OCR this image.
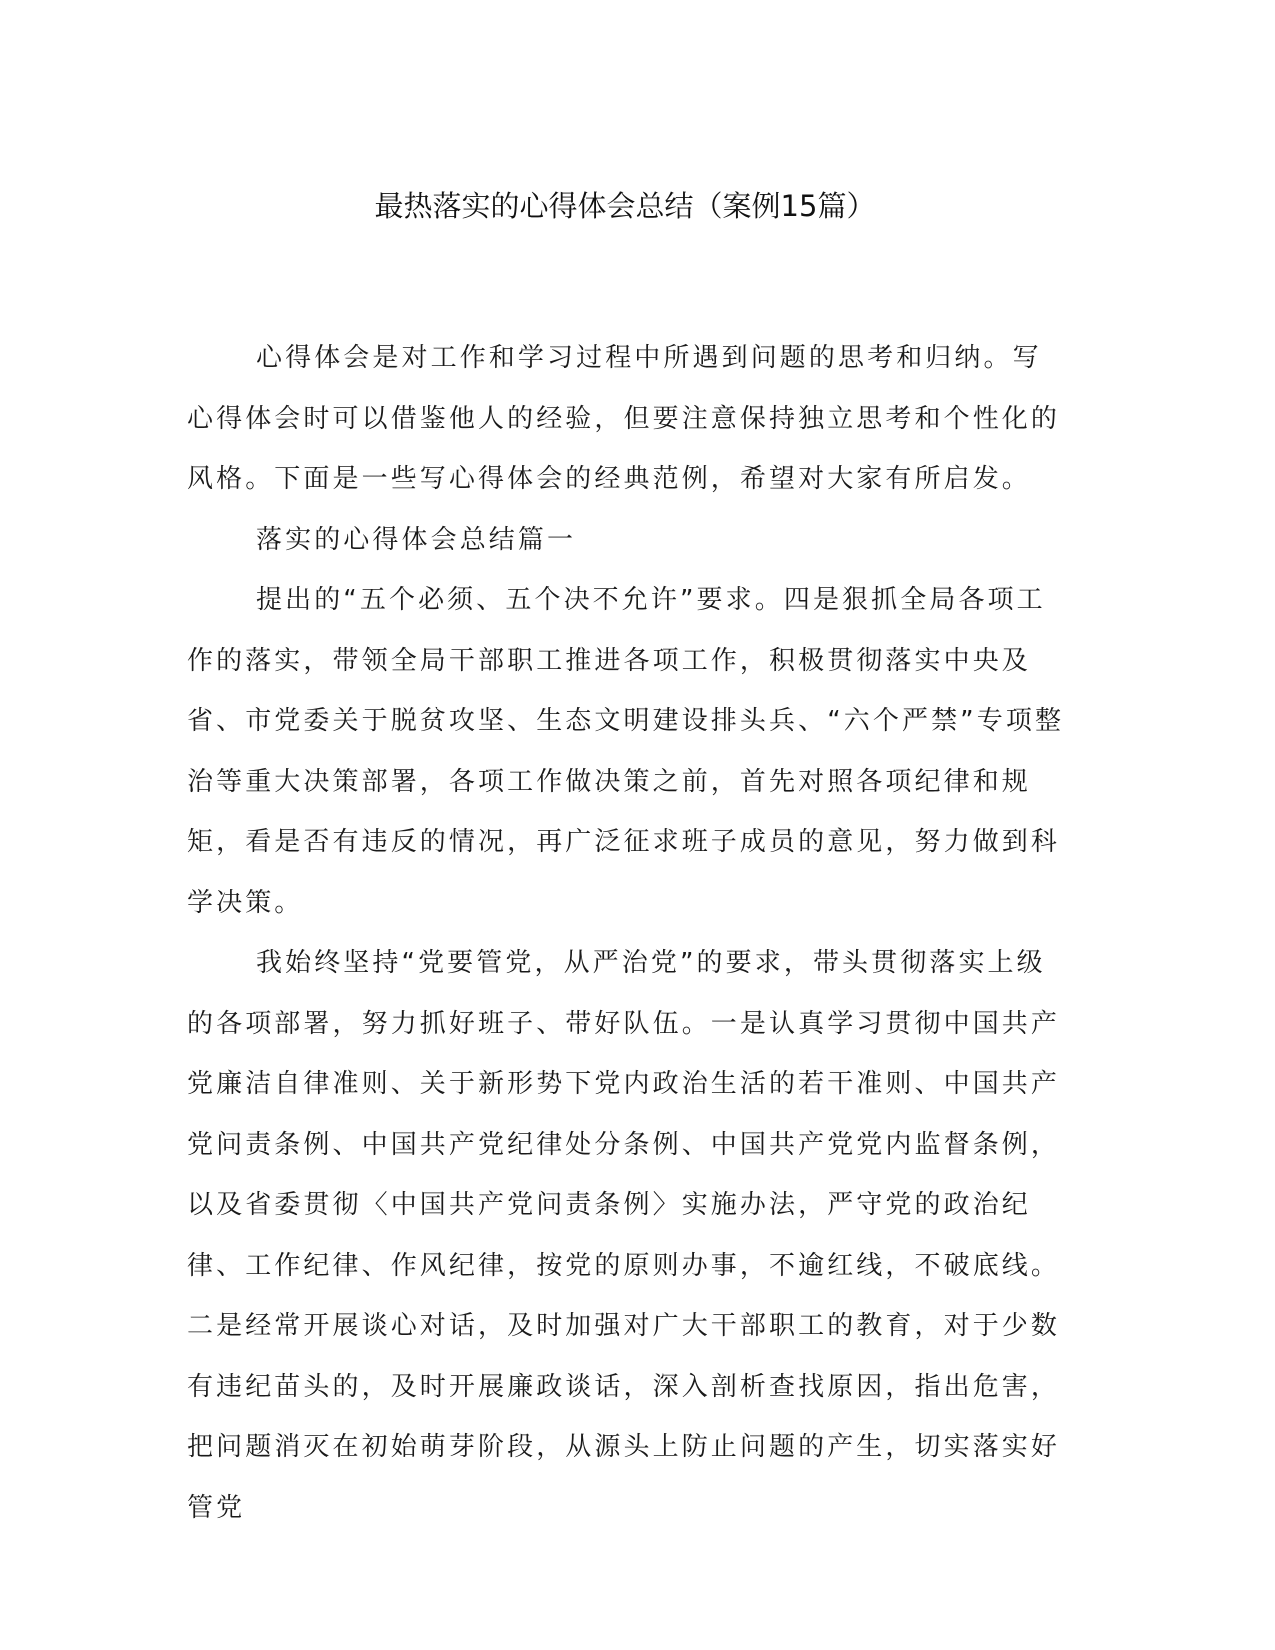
最热落实的心得体会总结（案例15篇）

心得体会是对工作和学习过程中所遇到问题的思考和归纳。写心得体会时可以借鉴他人的经验，但要注意保持独立思考和个性化的风格。下面是一些写心得体会的经典范例，希望对大家有所启发。

落实的心得体会总结篇一

提出的“五个必须、五个决不允许”要求。四是狠抓全局各项工作的落实，带领全局干部职工推进各项工作，积极贯彻落实中央及省、市党委关于脱贫攻坚、生态文明建设排头兵、“六个严禁”专项整治等重大决策部署，各项工作做决策之前，首先对照各项纪律和规矩，看是否有违反的情况，再广泛征求班子成员的意见，努力做到科学决策。

我始终坚持“党要管党，从严治党”的要求，带头贯彻落实上级的各项部署，努力抓好班子、带好队伍。一是认真学习贯彻中国共产党廉洁自律准则、关于新形势下党内政治生活的若干准则、中国共产党问责条例、中国共产党纪律处分条例、中国共产党党内监督条例，以及省委贯彻〈中国共产党问责条例〉实施办法，严守党的政治纪律、工作纪律、作风纪律，按党的原则办事，不逾红线，不破底线。二是经常开展谈心对话，及时加强对广大干部职工的教育，对于少数有违纪苗头的，及时开展廉政谈话，深入剖析查找原因，指出危害，把问题消灭在初始萌芽阶段，从源头上防止问题的产生，切实落实好管党
